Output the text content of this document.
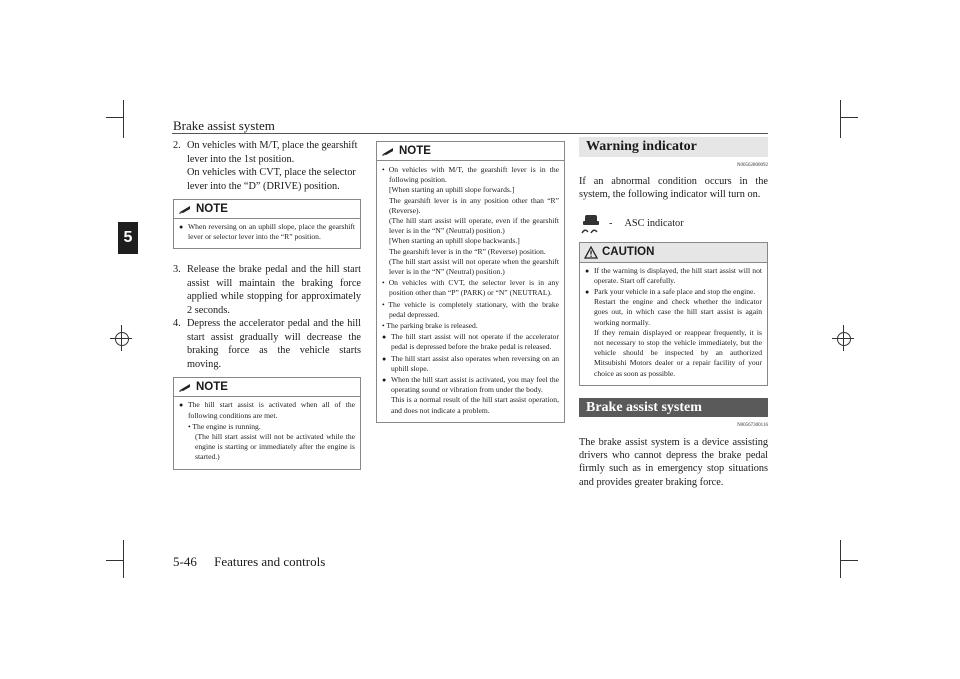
Brake assist system
5
2. On vehicles with M/T, place the gearshift lever into the 1st position.
On vehicles with CVT, place the selector lever into the “D” (DRIVE) position.
NOTE
● When reversing on an uphill slope, place the gearshift lever or selector lever into the “R” position.
3. Release the brake pedal and the hill start assist will maintain the braking force applied while stopping for approximately 2 seconds.
4. Depress the accelerator pedal and the hill start assist gradually will decrease the braking force as the vehicle starts moving.
NOTE
● The hill start assist is activated when all of the following conditions are met.
• The engine is running.
(The hill start assist will not be activated while the engine is starting or immediately after the engine is started.)
NOTE
• On vehicles with M/T, the gearshift lever is in the following position.
[When starting an uphill slope forwards.]
The gearshift lever is in any position other than “R” (Reverse).
(The hill start assist will operate, even if the gearshift lever is in the “N” (Neutral) position.)
[When starting an uphill slope backwards.]
The gearshift lever is in the “R” (Reverse) position.
(The hill start assist will not operate when the gearshift lever is in the “N” (Neutral) position.)
• On vehicles with CVT, the selector lever is in any position other than “P” (PARK) or “N” (NEUTRAL).
• The vehicle is completely stationary, with the brake pedal depressed.
• The parking brake is released.
● The hill start assist will not operate if the accelerator pedal is depressed before the brake pedal is released.
● The hill start assist also operates when reversing on an uphill slope.
● When the hill start assist is activated, you may feel the operating sound or vibration from under the body.
This is a normal result of the hill start assist operation, and does not indicate a problem.
Warning indicator
N00562800092
If an abnormal condition occurs in the system, the following indicator will turn on.
- ASC indicator
CAUTION
● If the warning is displayed, the hill start assist will not operate. Start off carefully.
● Park your vehicle in a safe place and stop the engine.
Restart the engine and check whether the indicator goes out, in which case the hill start assist is again working normally.
If they remain displayed or reappear frequently, it is not necessary to stop the vehicle immediately, but the vehicle should be inspected by an authorized Mitsubishi Motors dealer or a repair facility of your choice as soon as possible.
Brake assist system
N00567300116
The brake assist system is a device assisting drivers who cannot depress the brake pedal firmly such as in emergency stop situations and provides greater braking force.
5-46 Features and controls
